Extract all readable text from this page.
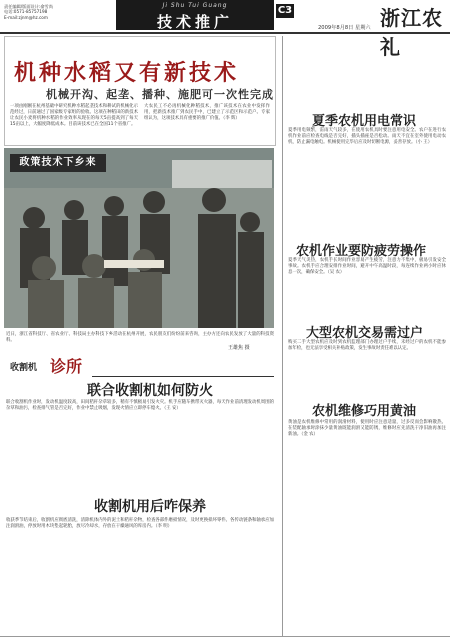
责任编辑/版面设计:俞雪尚
电话:0571-85757198
E-mail:zjnm@hz.com
Ji Shu Tui Guang
技术推广
C3	浙江农礼
2009年8月8日 星期六
机种水稻又有新技术
机械开沟、起垄、播种、施肥可一次性完成
一项由刚刚在杭州基础中研究机种水稻起垄技术和耕试的机械化示范经过，日前通过了国家级专家组的验收。这项在种稻田的新技术让农民小麦将机种水稻的作业效率从现在的每天5亩提高到了每天15亩以上，大幅度降低成本。目前该技术已在全国11个省推广。
大农民工不必再机械化种稻技术，推广该技术在农业中发挥作用，把新技术推广到农民手中，已建立了示范区和示范户。专家组认为，这项技术具有重要的推广价值。（李 辉）
政策技术下乡来
近日，浙江省科技厅、省农业厅、科技局主办科技下乡活动在杭州开展，农民朋友们纷纷前来咨询，主办方还向农民发放了大量的科技资料。
王雄焦 摄
收割机 诊所
联合收割机如何防火
联合收割机作业时，发动机温度较高，田间秸秆杂草较多，稍有不慎极易引发火灾。机手应随车携带灭火器，每天作业前清理发动机周围的杂草和油污，检查排气管是否完好，作业中禁止吸烟，发现火情应立即停车熄火。（王 安）
收割机用后咋保养
收获季节结束后，收割机应彻底清洗，清除机体内外的泥土和秸秆杂物，检查各部件磨损情况，及时更换损坏零件。各传动链条和轴承应加注润滑油，停放时用木块垫起轮胎，放尽冷却水，存放在干燥通风的库房内。（李 明）
夏季农机用电常识
夏季用电频繁，雷雨天气较多，在使用农机具时要注意用电安全。农户在进行农机作业前应检查电线是否完好，插头插座是否松动。雨天不宜在室外使用电动农机，防止漏电触电。机械使用完毕后应及时切断电源，妥善存放。（小 王）
农机作业要防疲劳操作
夏季天气炎热，农机手长时间作业容易产生疲劳，注意力不集中，极易引发安全事故。农机手应合理安排作业时间，避开中午高温时段，每连续作业两小时应休息一次，确保安全。（吴 农）
大型农机交易需过户
购买二手大型农机应及时到农机监理部门办理过户手续，未经过户的农机不能参加年检，也无法享受相关补贴政策，发生事故时责任难以认定。
农机维修巧用黄油
黄油是农机维修中常用的润滑材料，使用时应注意适量，过多反而会影响散热。在装配轴承时涂抹少量黄油既能润滑又能防锈，维修时应先清洗干净旧油再加注新油。（金 农）
